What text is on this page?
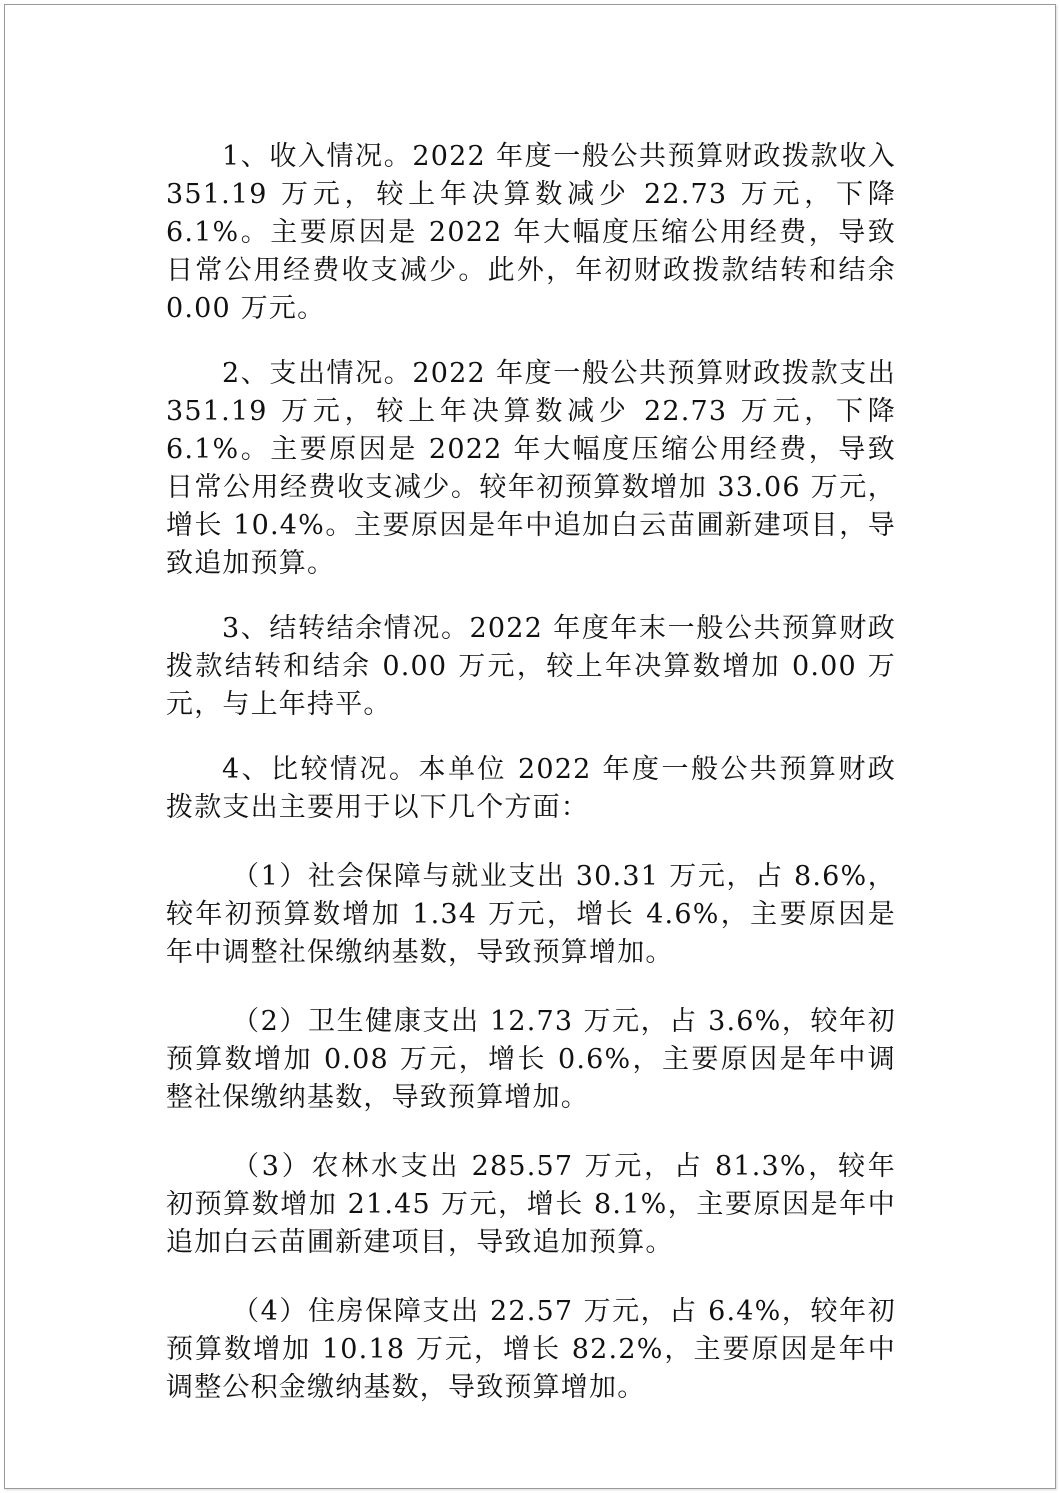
1、收入情况。2022 年度一般公共预算财政拨款收入 351.19 万元，较上年决算数减少 22.73 万元，下降 6.1%。主要原因是 2022 年大幅度压缩公用经费，导致日常公用经费收支减少。此外，年初财政拨款结转和结余 0.00 万元。

2、支出情况。2022 年度一般公共预算财政拨款支出 351.19 万元，较上年决算数减少 22.73 万元，下降 6.1%。主要原因是 2022 年大幅度压缩公用经费，导致日常公用经费收支减少。较年初预算数增加 33.06 万元，增长 10.4%。主要原因是年中追加白云苗圃新建项目，导致追加预算。

3、结转结余情况。2022 年度年末一般公共预算财政拨款结转和结余 0.00 万元，较上年决算数增加 0.00 万元，与上年持平。

4、比较情况。本单位 2022 年度一般公共预算财政拨款支出主要用于以下几个方面：

（1）社会保障与就业支出 30.31 万元，占 8.6%，较年初预算数增加 1.34 万元，增长 4.6%，主要原因是年中调整社保缴纳基数，导致预算增加。

（2）卫生健康支出 12.73 万元，占 3.6%，较年初预算数增加 0.08 万元，增长 0.6%，主要原因是年中调整社保缴纳基数，导致预算增加。

（3）农林水支出 285.57 万元，占 81.3%，较年初预算数增加 21.45 万元，增长 8.1%，主要原因是年中追加白云苗圃新建项目，导致追加预算。

（4）住房保障支出 22.57 万元，占 6.4%，较年初预算数增加 10.18 万元，增长 82.2%，主要原因是年中调整公积金缴纳基数，导致预算增加。
